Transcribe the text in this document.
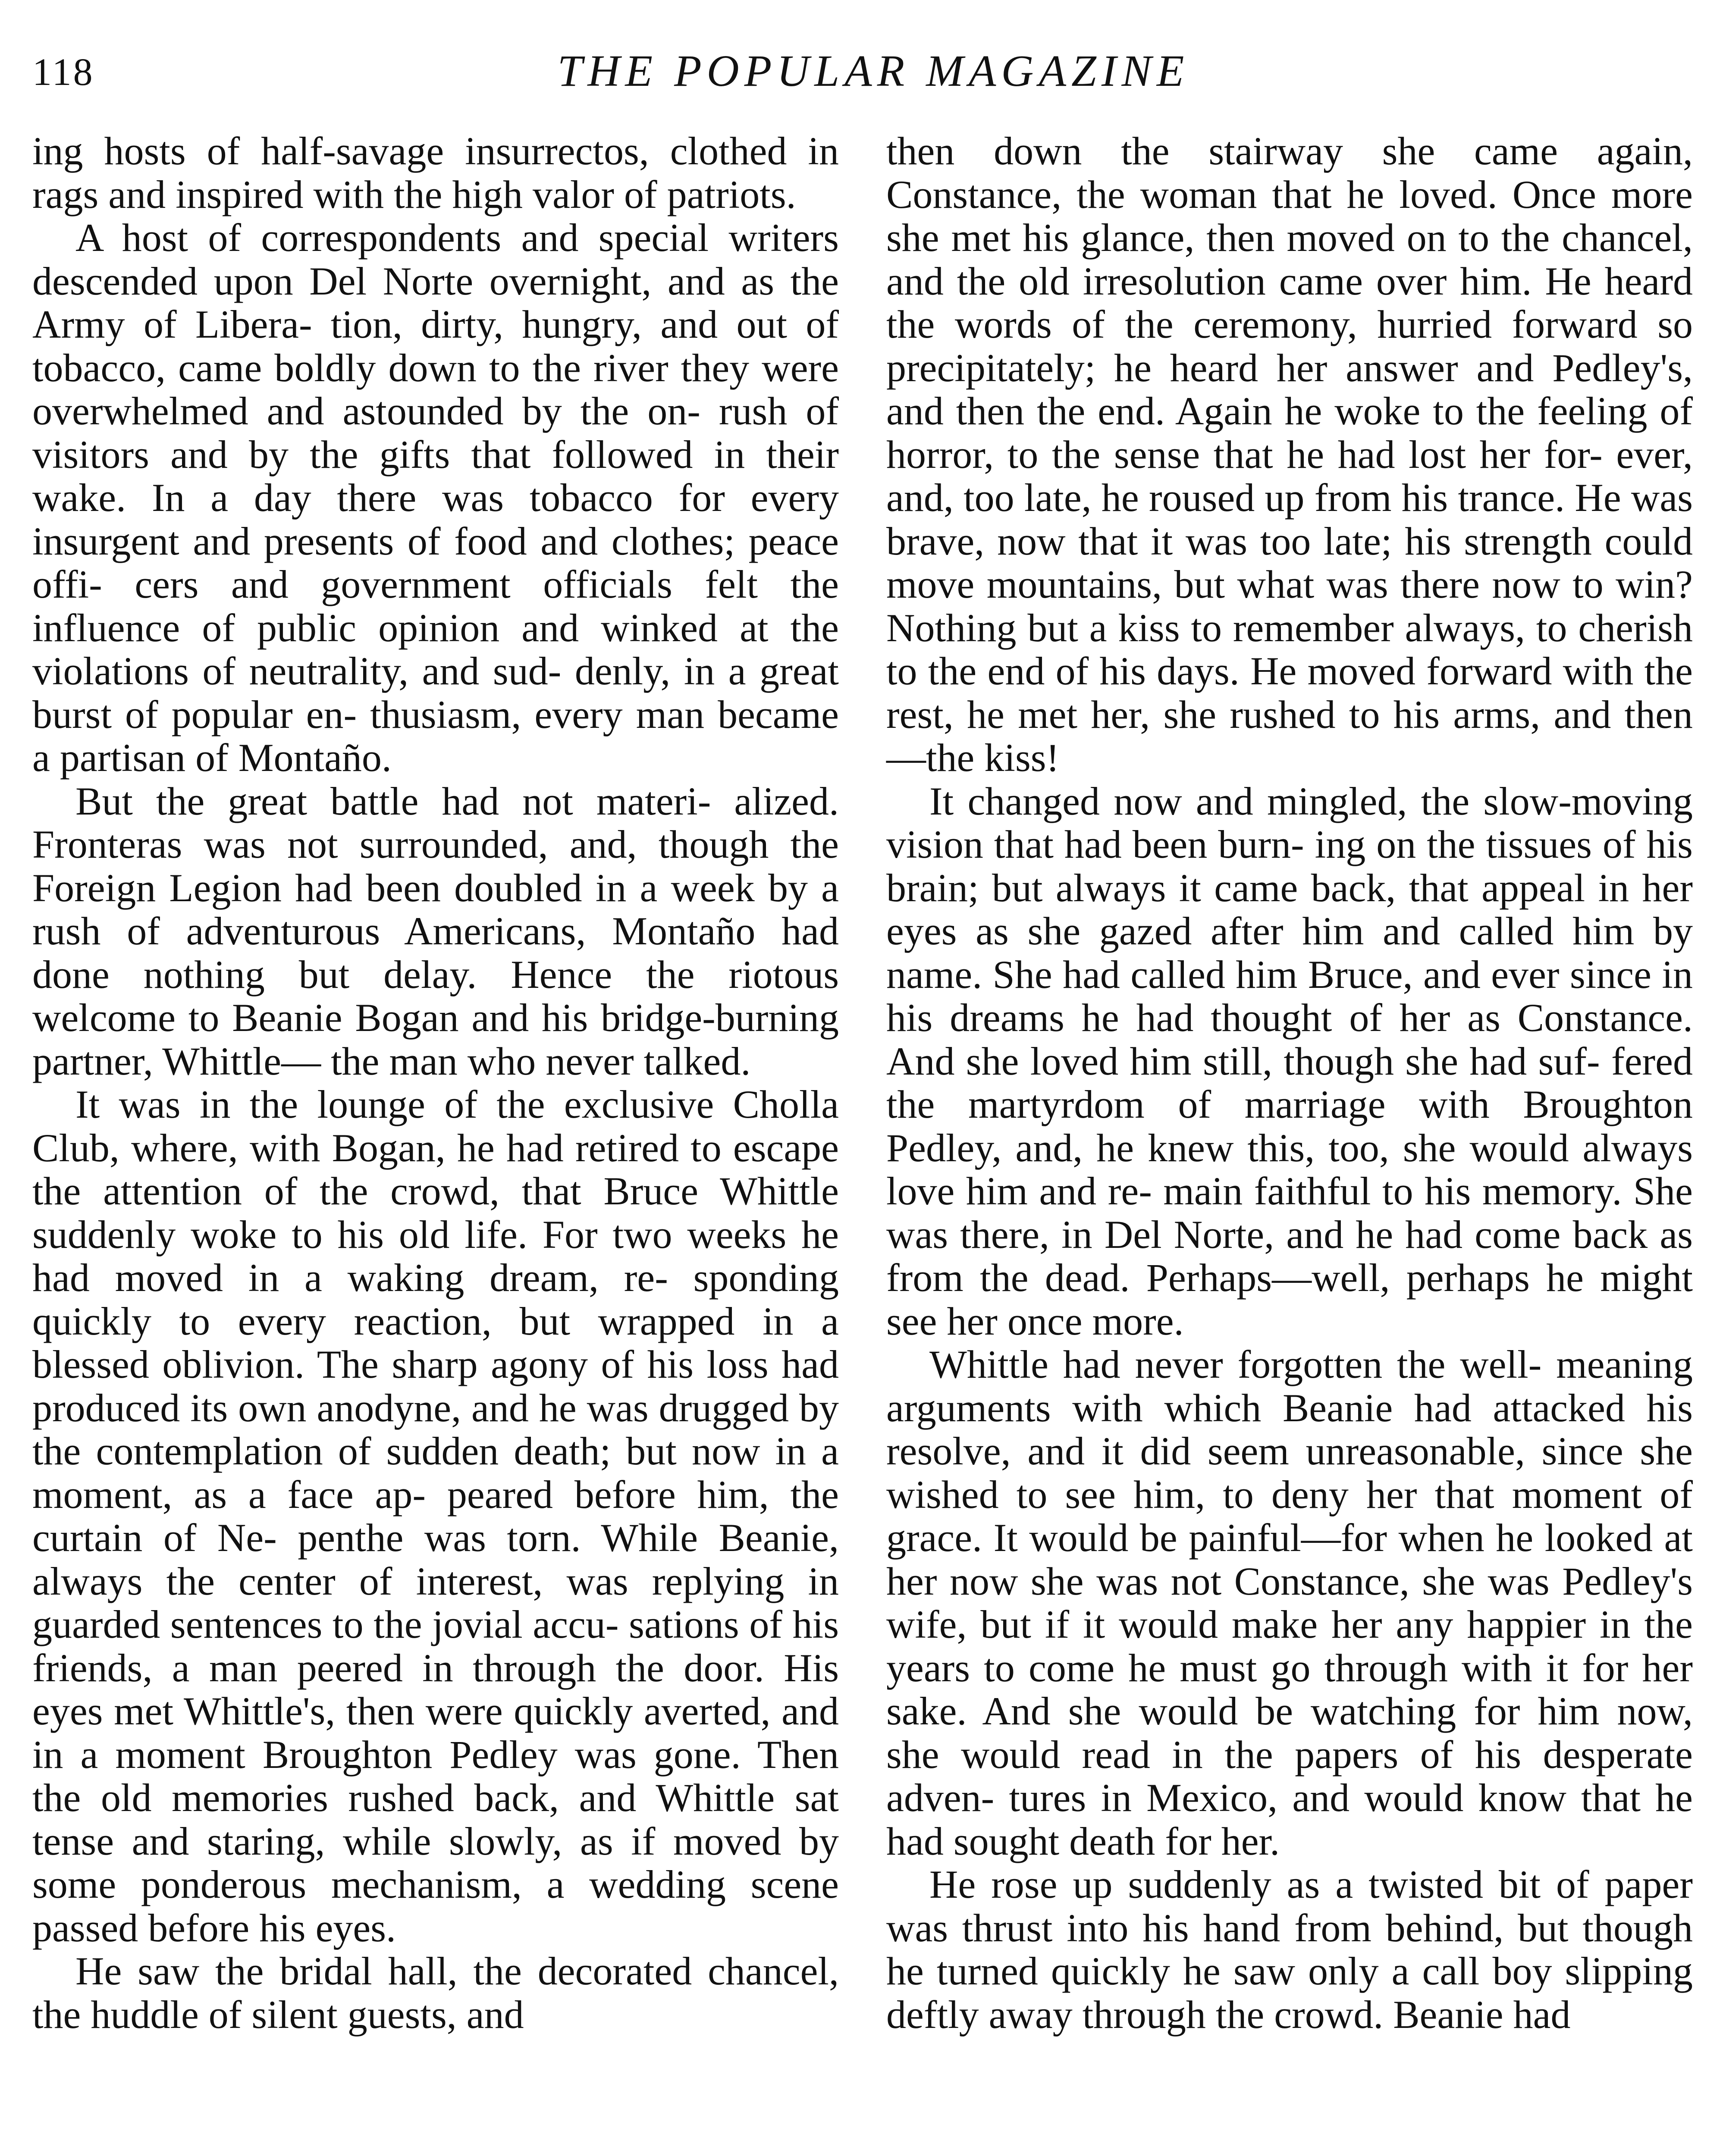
118	THE POPULAR MAGAZINE

ing hosts of half-savage insurrectos, clothed in rags and inspired with the high valor of patriots.

A host of correspondents and special writers descended upon Del Norte overnight, and as the Army of Libera- tion, dirty, hungry, and out of tobacco, came boldly down to the river they were overwhelmed and astounded by the on- rush of visitors and by the gifts that followed in their wake. In a day there was tobacco for every insurgent and presents of food and clothes; peace offi- cers and government officials felt the influence of public opinion and winked at the violations of neutrality, and sud- denly, in a great burst of popular en- thusiasm, every man became a partisan of Montaño.

But the great battle had not materi- alized. Fronteras was not surrounded, and, though the Foreign Legion had been doubled in a week by a rush of adventurous Americans, Montaño had done nothing but delay. Hence the riotous welcome to Beanie Bogan and his bridge-burning partner, Whittle— the man who never talked.

It was in the lounge of the exclusive Cholla Club, where, with Bogan, he had retired to escape the attention of the crowd, that Bruce Whittle suddenly woke to his old life. For two weeks he had moved in a waking dream, re- sponding quickly to every reaction, but wrapped in a blessed oblivion. The sharp agony of his loss had produced its own anodyne, and he was drugged by the contemplation of sudden death; but now in a moment, as a face ap- peared before him, the curtain of Ne- penthe was torn. While Beanie, always the center of interest, was replying in guarded sentences to the jovial accu- sations of his friends, a man peered in through the door. His eyes met Whittle's, then were quickly averted, and in a moment Broughton Pedley was gone. Then the old memories rushed back, and Whittle sat tense and staring, while slowly, as if moved by some ponderous mechanism, a wedding scene passed before his eyes.

He saw the bridal hall, the decorated chancel, the huddle of silent guests, and

then down the stairway she came again, Constance, the woman that he loved. Once more she met his glance, then moved on to the chancel, and the old irresolution came over him. He heard the words of the ceremony, hurried forward so precipitately; he heard her answer and Pedley's, and then the end. Again he woke to the feeling of horror, to the sense that he had lost her for- ever, and, too late, he roused up from his trance. He was brave, now that it was too late; his strength could move mountains, but what was there now to win? Nothing but a kiss to remember always, to cherish to the end of his days. He moved forward with the rest, he met her, she rushed to his arms, and then—the kiss!

It changed now and mingled, the slow-moving vision that had been burn- ing on the tissues of his brain; but always it came back, that appeal in her eyes as she gazed after him and called him by name. She had called him Bruce, and ever since in his dreams he had thought of her as Constance. And she loved him still, though she had suf- fered the martyrdom of marriage with Broughton Pedley, and, he knew this, too, she would always love him and re- main faithful to his memory. She was there, in Del Norte, and he had come back as from the dead. Perhaps—well, perhaps he might see her once more.

Whittle had never forgotten the well- meaning arguments with which Beanie had attacked his resolve, and it did seem unreasonable, since she wished to see him, to deny her that moment of grace. It would be painful—for when he looked at her now she was not Constance, she was Pedley's wife, but if it would make her any happier in the years to come he must go through with it for her sake. And she would be watching for him now, she would read in the papers of his desperate adven- tures in Mexico, and would know that he had sought death for her.

He rose up suddenly as a twisted bit of paper was thrust into his hand from behind, but though he turned quickly he saw only a call boy slipping deftly away through the crowd. Beanie had
